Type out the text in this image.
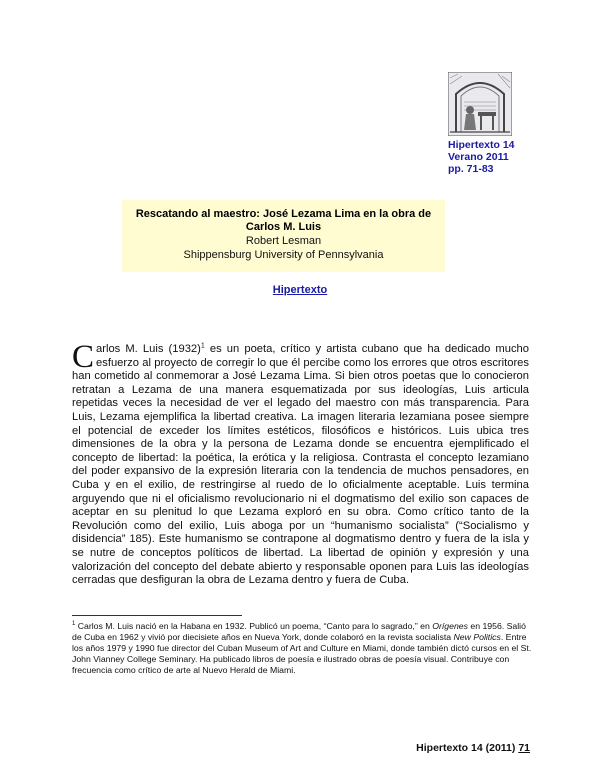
Hipertexto 14
Verano 2011
pp. 71-83
Rescatando al maestro: José Lezama Lima en la obra de Carlos M. Luis
Robert Lesman
Shippensburg University of Pennsylvania
Hipertexto
Carlos M. Luis $(1932)^1$ es un poeta, crítico y artista cubano que ha dedicado mucho esfuerzo al proyecto de corregir lo que él percibe como los errores que otros escritores han cometido al conmemorar a José Lezama Lima. Si bien otros poetas que lo conocieron retratan a Lezama de una manera esquematizada por sus ideologías, Luis articula repetidas veces la necesidad de ver el legado del maestro con más transparencia. Para Luis, Lezama ejemplifica la libertad creativa. La imagen literaria lezamiana posee siempre el potencial de exceder los límites estéticos, filosóficos e históricos. Luis ubica tres dimensiones de la obra y la persona de Lezama donde se encuentra ejemplificado el concepto de libertad: la poética, la erótica y la religiosa. Contrasta el concepto lezamiano del poder expansivo de la expresión literaria con la tendencia de muchos pensadores, en Cuba y en el exilio, de restringirse al ruedo de lo oficialmente aceptable. Luis termina arguyendo que ni el oficialismo revolucionario ni el dogmatismo del exilio son capaces de aceptar en su plenitud lo que Lezama exploró en su obra. Como crítico tanto de la Revolución como del exilio, Luis aboga por un “humanismo socialista” (“Socialismo y disidencia” 185). Este humanismo se contrapone al dogmatismo dentro y fuera de la isla y se nutre de conceptos políticos de libertad. La libertad de opinión y expresión y una valorización del concepto del debate abierto y responsable oponen para Luis las ideologías cerradas que desfiguran la obra de Lezama dentro y fuera de Cuba.
$^1$ Carlos M. Luis nació en la Habana en 1932. Publicó un poema, “Canto para lo sagrado,” en Orígenes en 1956. Salió de Cuba en 1962 y vivió por diecisiete años en Nueva York, donde colaboró en la revista socialista New Politics. Entre los años 1979 y 1990 fue director del Cuban Museum of Art and Culture en Miami, donde también dictó cursos en el St. John Vianney College Seminary. Ha publicado libros de poesía e ilustrado obras de poesía visual. Contribuye con frecuencia como crítico de arte al Nuevo Herald de Miami.
Hipertexto 14 (2011) 71
